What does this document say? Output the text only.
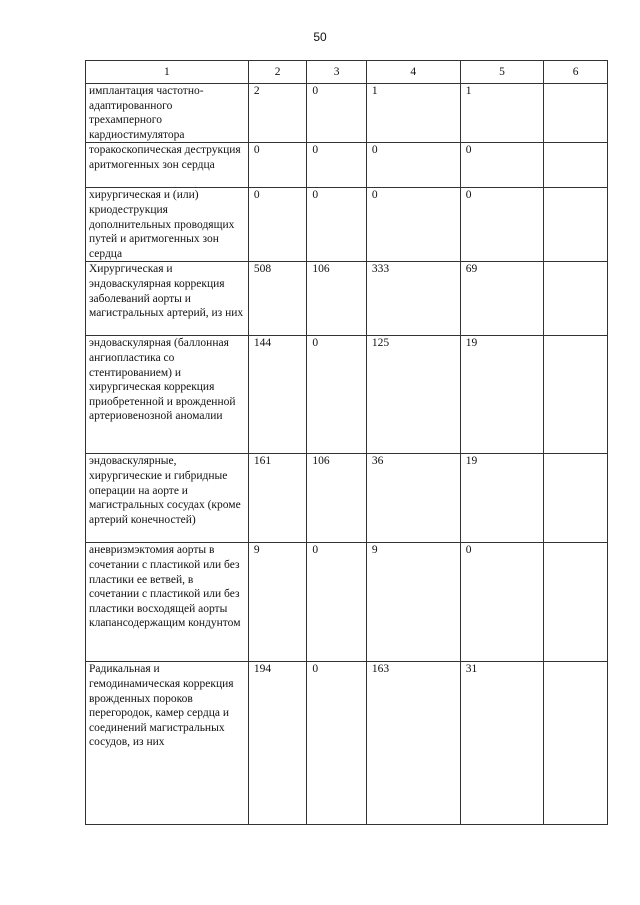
50
1	2	3	4	5	6
имплантация частотно-адаптированного трехамперного кардиостимулятора	2	0	1	1	
торакоскопическая деструкция аритмогенных зон сердца	0	0	0	0	
хирургическая и (или) криодеструкция дополнительных проводящих путей и аритмогенных зон сердца	0	0	0	0	
Хирургическая и эндоваскулярная коррекция заболеваний аорты и магистральных артерий, из них	508	106	333	69	
эндоваскулярная (баллонная ангиопластика со стентированием) и хирургическая коррекция приобретенной и врожденной артериовенозной аномалии	144	0	125	19	
эндоваскулярные, хирургические и гибридные операции на аорте и магистральных сосудах (кроме артерий конечностей)	161	106	36	19	
аневризмэктомия аорты в сочетании с пластикой или без пластики ее ветвей, в сочетании с пластикой или без пластики восходящей аорты клапансодержащим кондунтом	9	0	9	0	
Радикальная и гемодинамическая коррекция врожденных пороков перегородок, камер сердца и соединений магистральных сосудов, из них	194	0	163	31	
